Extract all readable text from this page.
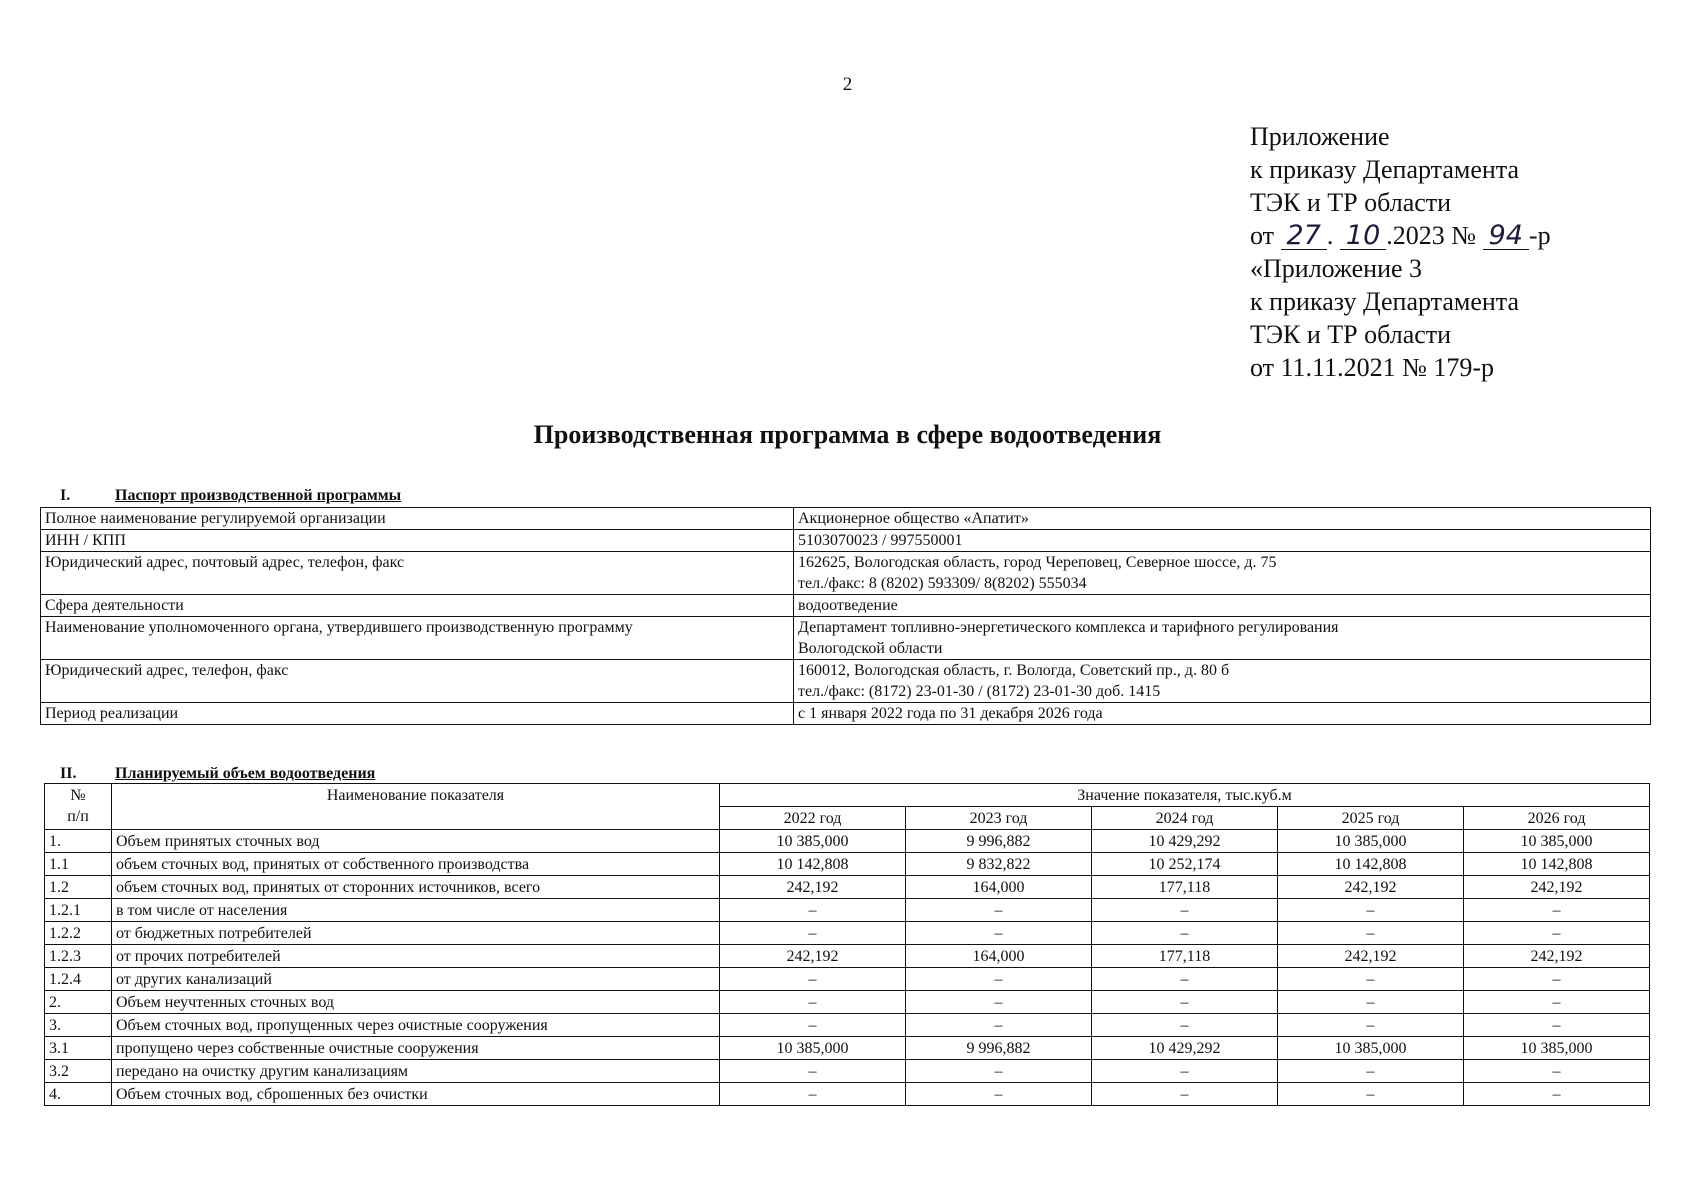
2
Приложение
к приказу Департамента
ТЭК и ТР области
от 27 . 10 .2023 № 94 -р
«Приложение 3
к приказу Департамента
ТЭК и ТР области
от 11.11.2021 № 179-р
Производственная программа в сфере водоотведения
I.	Паспорт производственной программы
Полное наименование регулируемой организации	Акционерное общество «Апатит»
ИНН / КПП	5103070023 / 997550001
Юридический адрес, почтовый адрес, телефон, факс	162625, Вологодская область, город Череповец, Северное шоссе, д. 75
тел./факс: 8 (8202) 593309/ 8(8202) 555034
Сфера деятельности	водоотведение
Наименование уполномоченного органа, утвердившего производственную программу	Департамент топливно-энергетического комплекса и тарифного регулирования
Вологодской области
Юридический адрес, телефон, факс	160012, Вологодская область, г. Вологда, Советский пр., д. 80 б
тел./факс: (8172) 23-01-30 / (8172) 23-01-30 доб. 1415
Период реализации	с 1 января 2022 года по 31 декабря 2026 года
II. Планируемый объем водоотведения
№
п/п	Наименование показателя	Значение показателя, тыс.куб.м				
		2022 год	2023 год	2024 год	2025 год	2026 год
1.	Объем принятых сточных вод	10 385,000	9 996,882	10 429,292	10 385,000	10 385,000
1.1	объем сточных вод, принятых от собственного производства	10 142,808	9 832,822	10 252,174	10 142,808	10 142,808
1.2	объем сточных вод, принятых от сторонних источников, всего	242,192	164,000	177,118	242,192	242,192
1.2.1	в том числе от населения	–	–	–	–	–
1.2.2	от бюджетных потребителей	–	–	–	–	–
1.2.3	от прочих потребителей	242,192	164,000	177,118	242,192	242,192
1.2.4	от других канализаций	–	–	–	–	–
2.	Объем неучтенных сточных вод	–	–	–	–	–
3.	Объем сточных вод, пропущенных через очистные сооружения	–	–	–	–	–
3.1	пропущено через собственные очистные сооружения	10 385,000	9 996,882	10 429,292	10 385,000	10 385,000
3.2	передано на очистку другим канализациям	–	–	–	–	–
4.	Объем сточных вод, сброшенных без очистки	–	–	–	–	–
